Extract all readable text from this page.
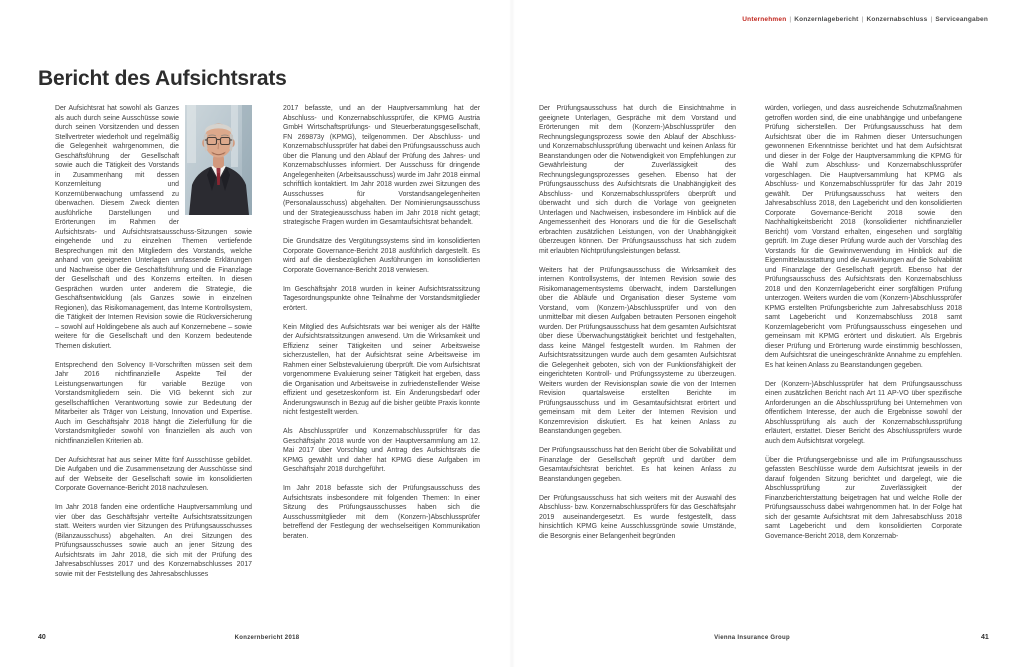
Unternehmen | Konzernlagebericht | Konzernabschluss | Serviceangaben
Bericht des Aufsichtsrats

Der Aufsichtsrat hat sowohl als Ganzes als auch durch seine Ausschüsse sowie durch seinen Vorsitzenden und dessen Stellvertreter wiederholt und regelmäßig die Gelegenheit wahrgenommen, die Geschäftsführung der Gesellschaft sowie auch die Tätigkeit des Vorstands in Zusammenhang mit dessen Konzernleitung und Konzernüberwachung umfassend zu überwachen. Diesem Zweck dienten ausführliche Darstellungen und Erörterungen im Rahmen der Aufsichtsrats- und Aufsichtsratsausschuss-Sitzungen sowie eingehende und zu einzelnen Themen vertiefende Besprechungen mit den Mitgliedern des Vorstands, welche anhand von geeigneten Unterlagen umfassende Erklärungen und Nachweise über die Geschäftsführung und die Finanzlage der Gesellschaft und des Konzerns erteilten. In diesen Gesprächen wurden unter anderem die Strategie, die Geschäftsentwicklung (als Ganzes sowie in einzelnen Regionen), das Risikomanagement, das Interne Kontrollsystem, die Tätigkeit der Internen Revision sowie die Rückversicherung – sowohl auf Holdingebene als auch auf Konzernebene – sowie weitere für die Gesellschaft und den Konzern bedeutende Themen diskutiert.

Entsprechend den Solvency II-Vorschriften müssen seit dem Jahr 2016 nichtfinanzielle Aspekte Teil der Leistungserwartungen für variable Bezüge von Vorstandsmitgliedern sein. Die VIG bekennt sich zur gesellschaftlichen Verantwortung sowie zur Bedeutung der Mitarbeiter als Träger von Leistung, Innovation und Expertise. Auch im Geschäftsjahr 2018 hängt die Zielerfüllung für die Vorstandsmitglieder sowohl von finanziellen als auch von nichtfinanziellen Kriterien ab.

Der Aufsichtsrat hat aus seiner Mitte fünf Ausschüsse gebildet. Die Aufgaben und die Zusammensetzung der Ausschüsse sind auf der Webseite der Gesellschaft sowie im konsolidierten Corporate Governance-Bericht 2018 nachzulesen.

Im Jahr 2018 fanden eine ordentliche Hauptversammlung und vier über das Geschäftsjahr verteilte Aufsichtsratssitzungen statt. Weiters wurden vier Sitzungen des Prüfungsausschusses (Bilanzausschuss) abgehalten. An drei Sitzungen des Prüfungsausschusses sowie auch an jener Sitzung des Aufsichtsrats im Jahr 2018, die sich mit der Prüfung des Jahresabschlusses 2017 und des Konzernabschlusses 2017 sowie mit der Feststellung des Jahresabschlusses

2017 befasste, und an der Hauptversammlung hat der Abschluss- und Konzernabschlussprüfer, die KPMG Austria GmbH Wirtschaftsprüfungs- und Steuerberatungsgesellschaft, FN 269873y (KPMG), teilgenommen. Der Abschluss- und Konzernabschlussprüfer hat dabei den Prüfungsausschuss auch über die Planung und den Ablauf der Prüfung des Jahres- und Konzernabschlusses informiert. Der Ausschuss für dringende Angelegenheiten (Arbeitsausschuss) wurde im Jahr 2018 einmal schriftlich kontaktiert. Im Jahr 2018 wurden zwei Sitzungen des Ausschusses für Vorstandsangelegenheiten (Personalausschuss) abgehalten. Der Nominierungsausschuss und der Strategieausschuss haben im Jahr 2018 nicht getagt; strategische Fragen wurden im Gesamtaufsichtsrat behandelt.

Die Grundsätze des Vergütungssystems sind im konsolidierten Corporate Governance-Bericht 2018 ausführlich dargestellt. Es wird auf die diesbezüglichen Ausführungen im konsolidierten Corporate Governance-Bericht 2018 verwiesen.

Im Geschäftsjahr 2018 wurden in keiner Aufsichtsratssitzung Tagesordnungspunkte ohne Teilnahme der Vorstandsmitglieder erörtert.

Kein Mitglied des Aufsichtsrats war bei weniger als der Hälfte der Aufsichtsratssitzungen anwesend. Um die Wirksamkeit und Effizienz seiner Tätigkeiten und seiner Arbeitsweise sicherzustellen, hat der Aufsichtsrat seine Arbeitsweise im Rahmen einer Selbstevaluierung überprüft. Die vom Aufsichtsrat vorgenommene Evaluierung seiner Tätigkeit hat ergeben, dass die Organisation und Arbeitsweise in zufriedenstellender Weise effizient und gesetzeskonform ist. Ein Änderungsbedarf oder Änderungswunsch in Bezug auf die bisher geübte Praxis konnte nicht festgestellt werden.

Als Abschlussprüfer und Konzernabschlussprüfer für das Geschäftsjahr 2018 wurde von der Hauptversammlung am 12. Mai 2017 über Vorschlag und Antrag des Aufsichtsrats die KPMG gewählt und daher hat KPMG diese Aufgaben im Geschäftsjahr 2018 durchgeführt.

Im Jahr 2018 befasste sich der Prüfungsausschuss des Aufsichtsrats insbesondere mit folgenden Themen: In einer Sitzung des Prüfungsausschusses haben sich die Ausschussmitglieder mit dem (Konzern-)Abschlussprüfer betreffend der Festlegung der wechselseitigen Kommunikation beraten.

Der Prüfungsausschuss hat durch die Einsichtnahme in geeignete Unterlagen, Gespräche mit dem Vorstand und Erörterungen mit dem (Konzern-)Abschlussprüfer den Rechnungslegungsprozess sowie den Ablauf der Abschluss- und Konzernabschlussprüfung überwacht und keinen Anlass für Beanstandungen oder die Notwendigkeit von Empfehlungen zur Gewährleistung der Zuverlässigkeit des Rechnungslegungsprozesses gesehen. Ebenso hat der Prüfungsausschuss des Aufsichtsrats die Unabhängigkeit des Abschluss- und Konzernabschlussprüfers überprüft und überwacht und sich durch die Vorlage von geeigneten Unterlagen und Nachweisen, insbesondere im Hinblick auf die Angemessenheit des Honorars und die für die Gesellschaft erbrachten zusätzlichen Leistungen, von der Unabhängigkeit überzeugen können. Der Prüfungsausschuss hat sich zudem mit erlaubten Nichtprüfungsleistungen befasst.

Weiters hat der Prüfungsausschuss die Wirksamkeit des internen Kontrollsystems, der Internen Revision sowie des Risikomanagementsystems überwacht, indem Darstellungen über die Abläufe und Organisation dieser Systeme vom Vorstand, vom (Konzern-)Abschlussprüfer und von den unmittelbar mit diesen Aufgaben betrauten Personen eingeholt wurden. Der Prüfungsausschuss hat dem gesamten Aufsichtsrat über diese Überwachungstätigkeit berichtet und festgehalten, dass keine Mängel festgestellt wurden. Im Rahmen der Aufsichtsratssitzungen wurde auch dem gesamten Aufsichtsrat die Gelegenheit geboten, sich von der Funktionsfähigkeit der eingerichteten Kontroll- und Prüfungssysteme zu überzeugen. Weiters wurden der Revisionsplan sowie die von der Internen Revision quartalsweise erstellten Berichte im Prüfungsausschuss und im Gesamtaufsichtsrat erörtert und gemeinsam mit dem Leiter der Internen Revision und Konzernrevision diskutiert. Es hat keinen Anlass zu Beanstandungen gegeben.

Der Prüfungsausschuss hat den Bericht über die Solvabilität und Finanzlage der Gesellschaft geprüft und darüber dem Gesamtaufsichtsrat berichtet. Es hat keinen Anlass zu Beanstandungen gegeben.

Der Prüfungsausschuss hat sich weiters mit der Auswahl des Abschluss- bzw. Konzernabschlussprüfers für das Geschäftsjahr 2019 auseinandergesetzt. Es wurde festgestellt, dass hinsichtlich KPMG keine Ausschlussgründe sowie Umstände, die Besorgnis einer Befangenheit begründen

würden, vorliegen, und dass ausreichende Schutzmaßnahmen getroffen worden sind, die eine unabhängige und unbefangene Prüfung sicherstellen. Der Prüfungsausschuss hat dem Aufsichtsrat über die im Rahmen dieser Untersuchungen gewonnenen Erkenntnisse berichtet und hat dem Aufsichtsrat und dieser in der Folge der Hauptversammlung die KPMG für die Wahl zum Abschluss- und Konzernabschlussprüfer vorgeschlagen. Die Hauptversammlung hat KPMG als Abschluss- und Konzernabschlussprüfer für das Jahr 2019 gewählt. Der Prüfungsausschuss hat weiters den Jahresabschluss 2018, den Lagebericht und den konsolidierten Corporate Governance-Bericht 2018 sowie den Nachhaltigkeitsbericht 2018 (konsolidierter nichtfinanzieller Bericht) vom Vorstand erhalten, eingesehen und sorgfältig geprüft. Im Zuge dieser Prüfung wurde auch der Vorschlag des Vorstands für die Gewinnverwendung im Hinblick auf die Eigenmittelausstattung und die Auswirkungen auf die Solvabilität und Finanzlage der Gesellschaft geprüft. Ebenso hat der Prüfungsausschuss des Aufsichtsrats den Konzernabschluss 2018 und den Konzernlagebericht einer sorgfältigen Prüfung unterzogen. Weiters wurden die vom (Konzern-)Abschlussprüfer KPMG erstellten Prüfungsberichte zum Jahresabschluss 2018 samt Lagebericht und Konzernabschluss 2018 samt Konzernlagebericht vom Prüfungsausschuss eingesehen und gemeinsam mit KPMG erörtert und diskutiert. Als Ergebnis dieser Prüfung und Erörterung wurde einstimmig beschlossen, dem Aufsichtsrat die uneingeschränkte Annahme zu empfehlen. Es hat keinen Anlass zu Beanstandungen gegeben.

Der (Konzern-)Abschlussprüfer hat dem Prüfungsausschuss einen zusätzlichen Bericht nach Art 11 AP-VO über spezifische Anforderungen an die Abschlussprüfung bei Unternehmen von öffentlichem Interesse, der auch die Ergebnisse sowohl der Abschlussprüfung als auch der Konzernabschlussprüfung erläutert, erstattet. Dieser Bericht des Abschlussprüfers wurde auch dem Aufsichtsrat vorgelegt.

Über die Prüfungsergebnisse und alle im Prüfungsausschuss gefassten Beschlüsse wurde dem Aufsichtsrat jeweils in der darauf folgenden Sitzung berichtet und dargelegt, wie die Abschlussprüfung zur Zuverlässigkeit der Finanzberichterstattung beigetragen hat und welche Rolle der Prüfungsausschuss dabei wahrgenommen hat. In der Folge hat sich der gesamte Aufsichtsrat mit dem Jahresabschluss 2018 samt Lagebericht und dem konsolidierten Corporate Governance-Bericht 2018, dem Konzernab-

40	Konzernbericht 2018	Vienna Insurance Group	41
